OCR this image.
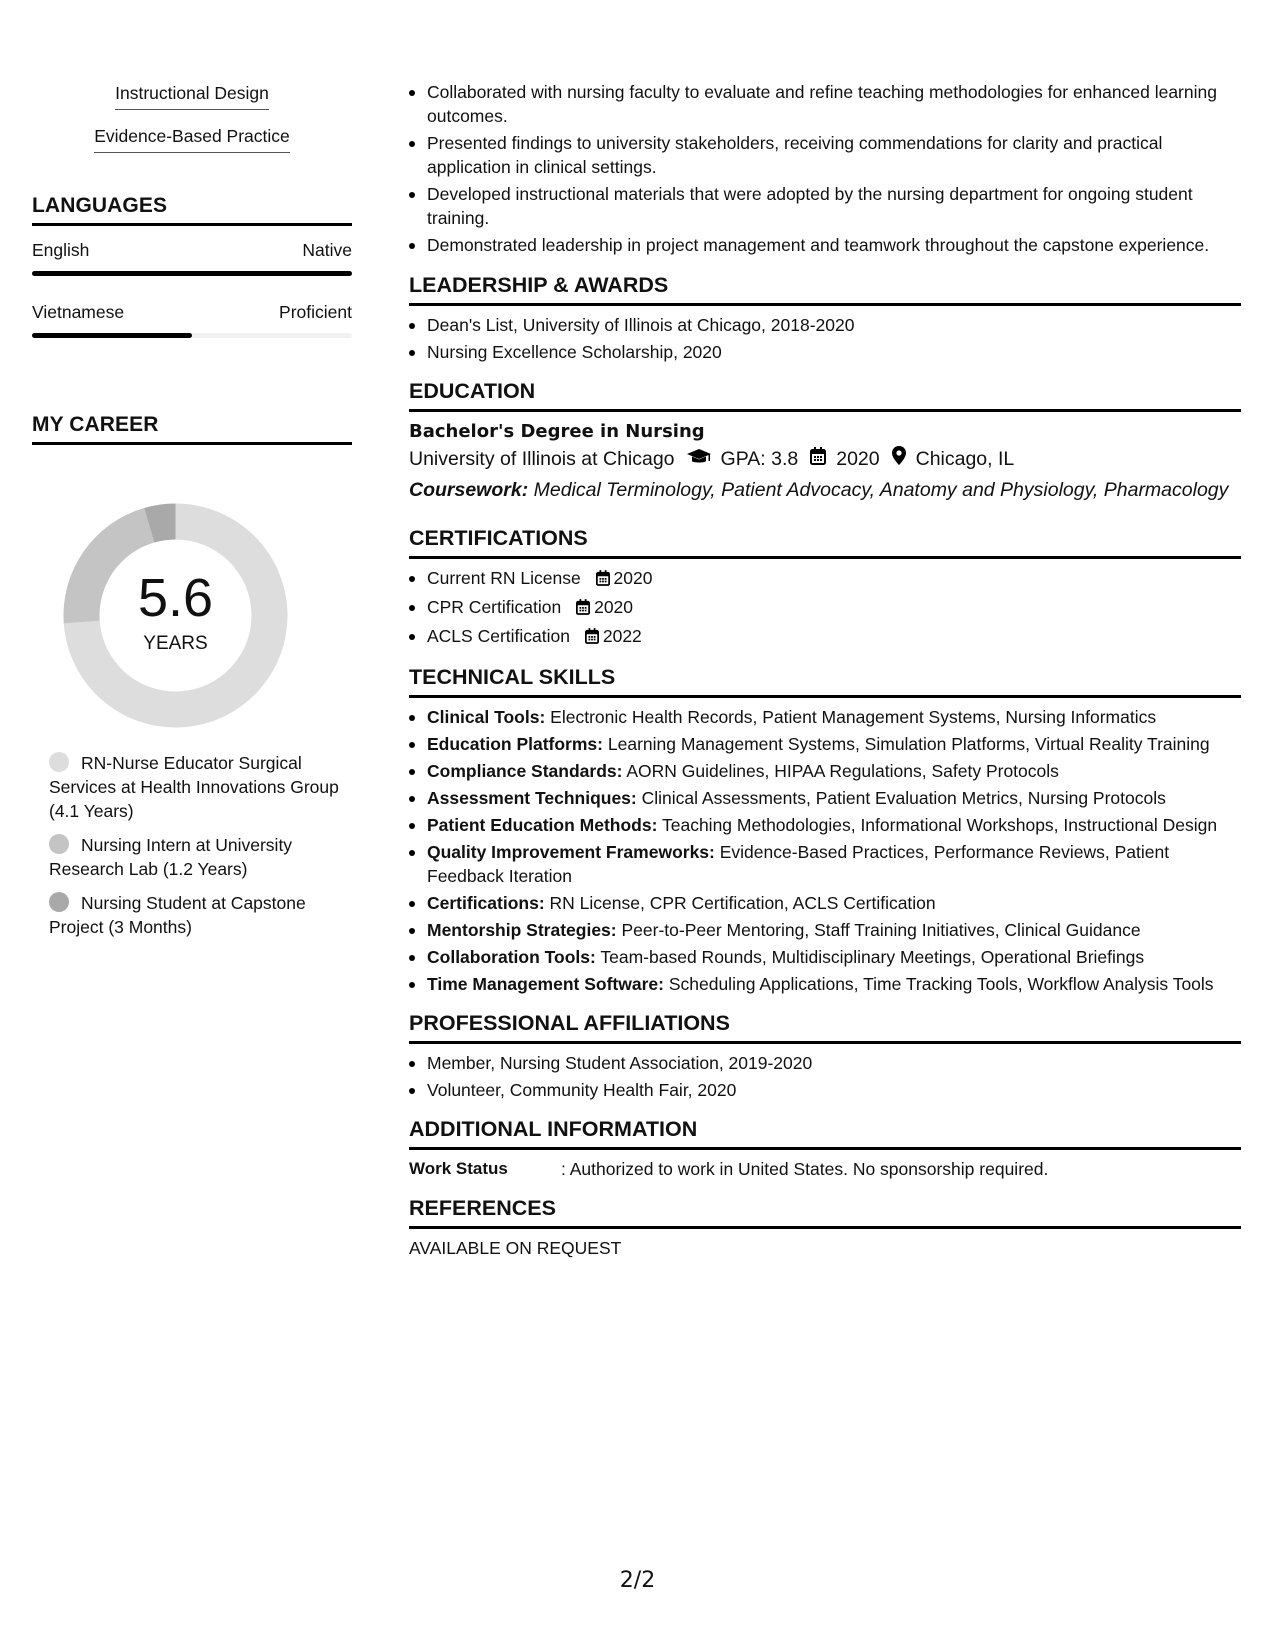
Instructional Design
Evidence-Based Practice
LANGUAGES
English	Native
Vietnamese	Proficient
MY CAREER
5.6
YEARS
RN-Nurse Educator Surgical Services at Health Innovations Group (4.1 Years)
Nursing Intern at University Research Lab (1.2 Years)
Nursing Student at Capstone Project (3 Months)
Collaborated with nursing faculty to evaluate and refine teaching methodologies for enhanced learning outcomes.
Presented findings to university stakeholders, receiving commendations for clarity and practical application in clinical settings.
Developed instructional materials that were adopted by the nursing department for ongoing student training.
Demonstrated leadership in project management and teamwork throughout the capstone experience.
LEADERSHIP & AWARDS
Dean's List, University of Illinois at Chicago, 2018-2020
Nursing Excellence Scholarship, 2020
EDUCATION
Bachelor's Degree in Nursing
University of Illinois at Chicago GPA: 3.8 2020 Chicago, IL
Coursework: Medical Terminology, Patient Advocacy, Anatomy and Physiology, Pharmacology
CERTIFICATIONS
Current RN License 2020
CPR Certification 2020
ACLS Certification 2022
TECHNICAL SKILLS
Clinical Tools: Electronic Health Records, Patient Management Systems, Nursing Informatics
Education Platforms: Learning Management Systems, Simulation Platforms, Virtual Reality Training
Compliance Standards: AORN Guidelines, HIPAA Regulations, Safety Protocols
Assessment Techniques: Clinical Assessments, Patient Evaluation Metrics, Nursing Protocols
Patient Education Methods: Teaching Methodologies, Informational Workshops, Instructional Design
Quality Improvement Frameworks: Evidence-Based Practices, Performance Reviews, Patient Feedback Iteration
Certifications: RN License, CPR Certification, ACLS Certification
Mentorship Strategies: Peer-to-Peer Mentoring, Staff Training Initiatives, Clinical Guidance
Collaboration Tools: Team-based Rounds, Multidisciplinary Meetings, Operational Briefings
Time Management Software: Scheduling Applications, Time Tracking Tools, Workflow Analysis Tools
PROFESSIONAL AFFILIATIONS
Member, Nursing Student Association, 2019-2020
Volunteer, Community Health Fair, 2020
ADDITIONAL INFORMATION
Work Status	: Authorized to work in United States. No sponsorship required.
REFERENCES
AVAILABLE ON REQUEST
2/2
